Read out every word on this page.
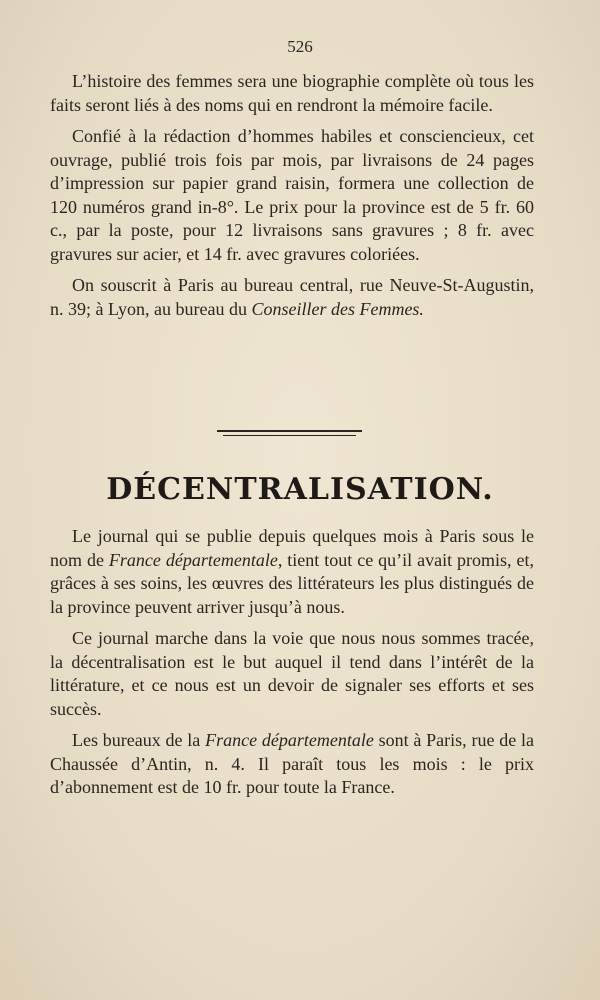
526

L’histoire des femmes sera une biographie complète où tous les faits seront liés à des noms qui en rendront la mémoire facile.

Confié à la rédaction d’hommes habiles et consciencieux, cet ouvrage, publié trois fois par mois, par livraisons de 24 pages d’impression sur papier grand raisin, formera une collection de 120 numéros grand in-8°. Le prix pour la province est de 5 fr. 60 c., par la poste, pour 12 livraisons sans gravures ; 8 fr. avec gravures sur acier, et 14 fr. avec gravures coloriées.

On souscrit à Paris au bureau central, rue Neuve-St-Augustin, n. 39; à Lyon, au bureau du Conseiller des Femmes.

DÉCENTRALISATION.

Le journal qui se publie depuis quelques mois à Paris sous le nom de France départementale, tient tout ce qu’il avait promis, et, grâces à ses soins, les œuvres des littérateurs les plus distingués de la province peuvent arriver jusqu’à nous.

Ce journal marche dans la voie que nous nous sommes tracée, la décentralisation est le but auquel il tend dans l’intérêt de la littérature, et ce nous est un devoir de signaler ses efforts et ses succès.

Les bureaux de la France départementale sont à Paris, rue de la Chaussée d’Antin, n. 4. Il paraît tous les mois : le prix d’abonnement est de 10 fr. pour toute la France.
